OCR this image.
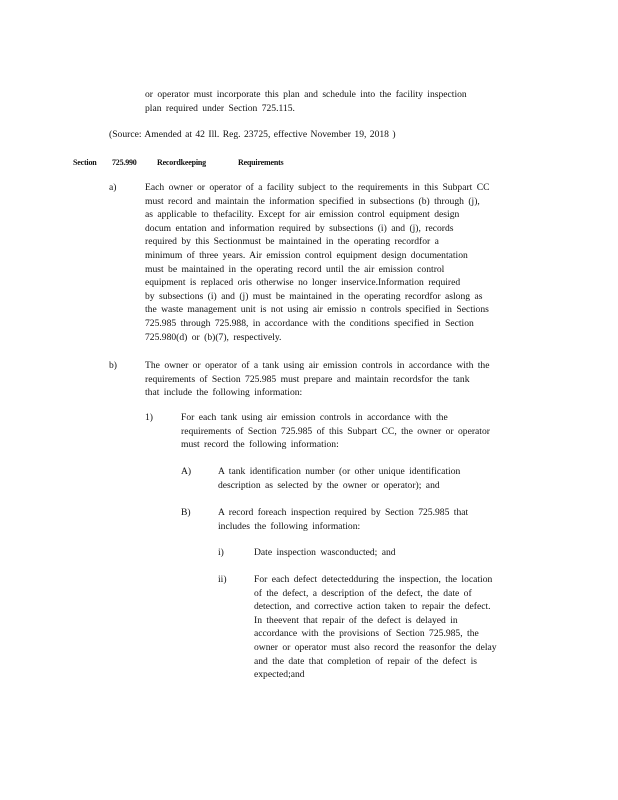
or operator must incorporate this plan and schedule into the facility inspection
plan required under Section 725.115.
(Source: Amended at 42 Ill. Reg. 23725, effective November 19, 2018 )
Section 725.990	Recordkeeping	Requirements
a)	Each owner or operator of a facility subject to the requirements in this Subpart CC
must record and maintain the information specified in subsections (b) through (j),
as applicable to thefacility. Except for air emission control equipment design
docum entation and information required by subsections (i) and (j), records
required by this Sectionmust be maintained in the operating recordfor a
minimum of three years. Air emission control equipment design documentation
must be maintained in the operating record until the air emission control
equipment is replaced oris otherwise no longer inservice.Information required
by subsections (i) and (j) must be maintained in the operating recordfor aslong as
the waste management unit is not using air emissio n controls specified in Sections
725.985 through 725.988, in accordance with the conditions specified in Section
725.980(d) or (b)(7), respectively.
b)	The owner or operator of a tank using air emission controls in accordance with the
requirements of Section 725.985 must prepare and maintain recordsfor the tank
that include the following information:
1)	For each tank using air emission controls in accordance with the
requirements of Section 725.985 of this Subpart CC, the owner or operator
must record the following information:
A)	A tank identification number (or other unique identification
description as selected by the owner or operator); and
B)	A record foreach inspection required by Section 725.985 that
includes the following information:
i)	Date inspection wasconducted; and
ii)	For each defect detectedduring the inspection, the location
of the defect, a description of the defect, the date of
detection, and corrective action taken to repair the defect.
In theevent that repair of the defect is delayed in
accordance with the provisions of Section 725.985, the
owner or operator must also record the reasonfor the delay
and the date that completion of repair of the defect is
expected;and
